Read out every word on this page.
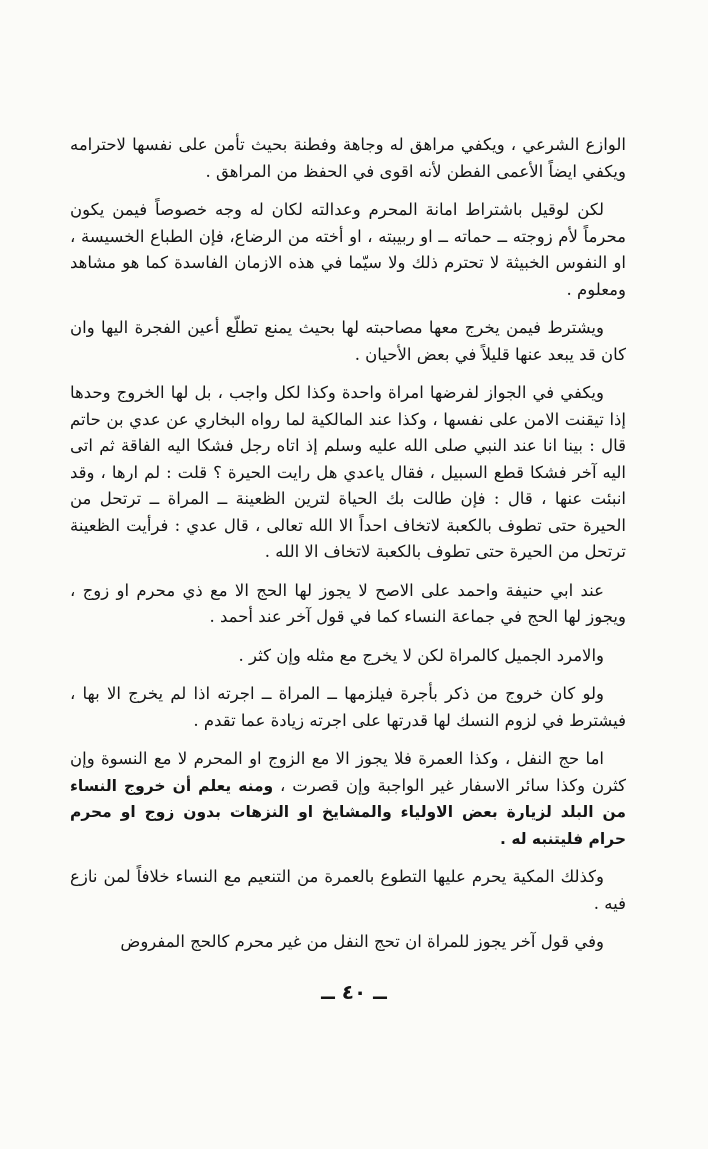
الوازع الشرعي ، ويكفي مراهق له وجاهة وفطنة بحيث تأمن على نفسها لاحترامه ويكفي ايضاً الأعمى الفطن لأنه اقوى في الحفظ من المراهق .

لكن لوقيل باشتراط امانة المحرم وعدالته لكان له وجه خصوصاً فيمن يكون محرماً لأم زوجته ــ حماته ــ او ربيبته ، او أخته من الرضاع، فإن الطباع الخسيسة ، او النفوس الخبيثة لا تحترم ذلك ولا سيّما في هذه الازمان الفاسدة كما هو مشاهد ومعلوم .

ويشترط فيمن يخرج معها مصاحبته لها بحيث يمنع تطلّع أعين الفجرة اليها وان كان قد يبعد عنها قليلاً في بعض الأحيان .

ويكفي في الجواز لفرضها امراة واحدة وكذا لكل واجب ، بل لها الخروج وحدها إذا تيقنت الامن على نفسها ، وكذا عند المالكية لما رواه البخاري عن عدي بن حاتم قال : بينا انا عند النبي صلى الله عليه وسلم إذ اتاه رجل فشكا اليه الفاقة ثم اتى اليه آخر فشكا قطع السبيل ، فقال ياعدي هل رايت الحيرة ؟ قلت : لم ارها ، وقد انبئت عنها ، قال : فإن طالت بك الحياة لترين الظعينة ــ المراة ــ ترتحل من الحيرة حتى تطوف بالكعبة لاتخاف احداً الا الله تعالى ، قال عدي : فرأيت الظعينة ترتحل من الحيرة حتى تطوف بالكعبة لاتخاف الا الله .

عند ابي حنيفة واحمد على الاصح لا يجوز لها الحج الا مع ذي محرم او زوج ، ويجوز لها الحج في جماعة النساء كما في قول آخر عند أحمد .

والامرد الجميل كالمراة لكن لا يخرج مع مثله وإن كثر .

ولو كان خروج من ذكر بأجرة فيلزمها ــ المراة ــ اجرته اذا لم يخرج الا بها ، فيشترط في لزوم النسك لها قدرتها على اجرته زيادة عما تقدم .

اما حج النفل ، وكذا العمرة فلا يجوز الا مع الزوج او المحرم لا مع النسوة وإن كثرن وكذا سائر الاسفار غير الواجبة وإن قصرت ، ومنه يعلم أن خروج النساء من البلد لزيارة بعض الاولياء والمشايخ او النزهات بدون زوج او محرم حرام فليتنبه له .

وكذلك المكية يحرم عليها التطوع بالعمرة من التنعيم مع النساء خلافاً لمن نازع فيه .

وفي قول آخر يجوز للمراة ان تحج النفل من غير محرم كالحج المفروض

ــ ٤٠ ــ
